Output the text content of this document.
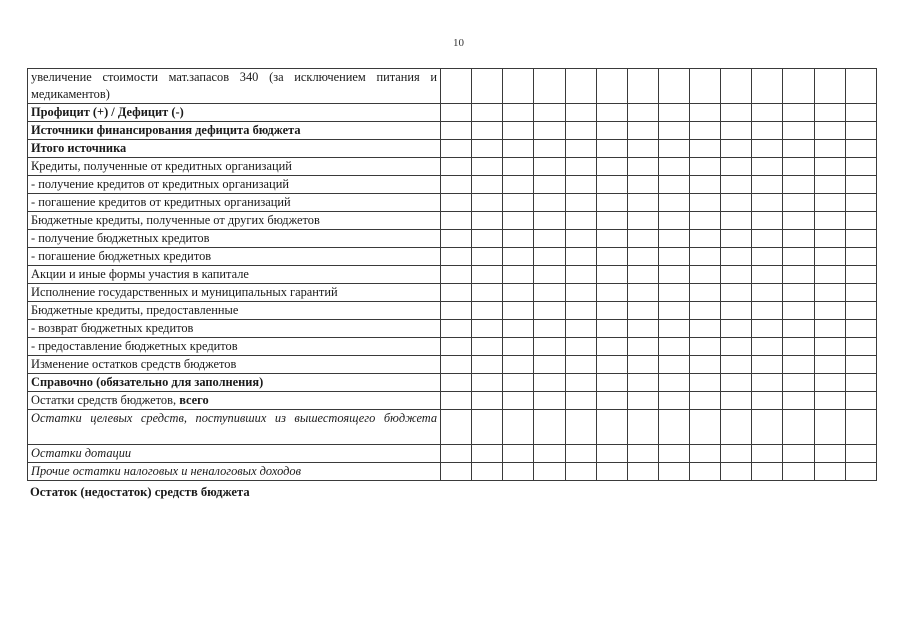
10
увеличение стоимости мат.запасов 340 (за исключением питания и медикаментов)														
Профицит (+) / Дефицит (-)														
Источники финансирования дефицита бюджета														
Итого источника														
Кредиты, полученные от кредитных организаций														
- получение кредитов от кредитных организаций														
- погашение кредитов от кредитных организаций														
Бюджетные кредиты, полученные от других бюджетов														
- получение бюджетных кредитов														
- погашение бюджетных кредитов														
Акции и иные формы участия в капитале														
Исполнение государственных и муниципальных гарантий														
Бюджетные кредиты, предоставленные														
- возврат бюджетных кредитов														
- предоставление бюджетных кредитов														
Изменение остатков средств бюджетов														
Справочно (обязательно для заполнения)														
Остатки средств бюджетов, всего														
Остатки целевых средств, поступивших из вышестоящего бюджета														
Остатки дотации														
Прочие остатки налоговых и неналоговых доходов														
Остаток (недостаток) средств бюджета
